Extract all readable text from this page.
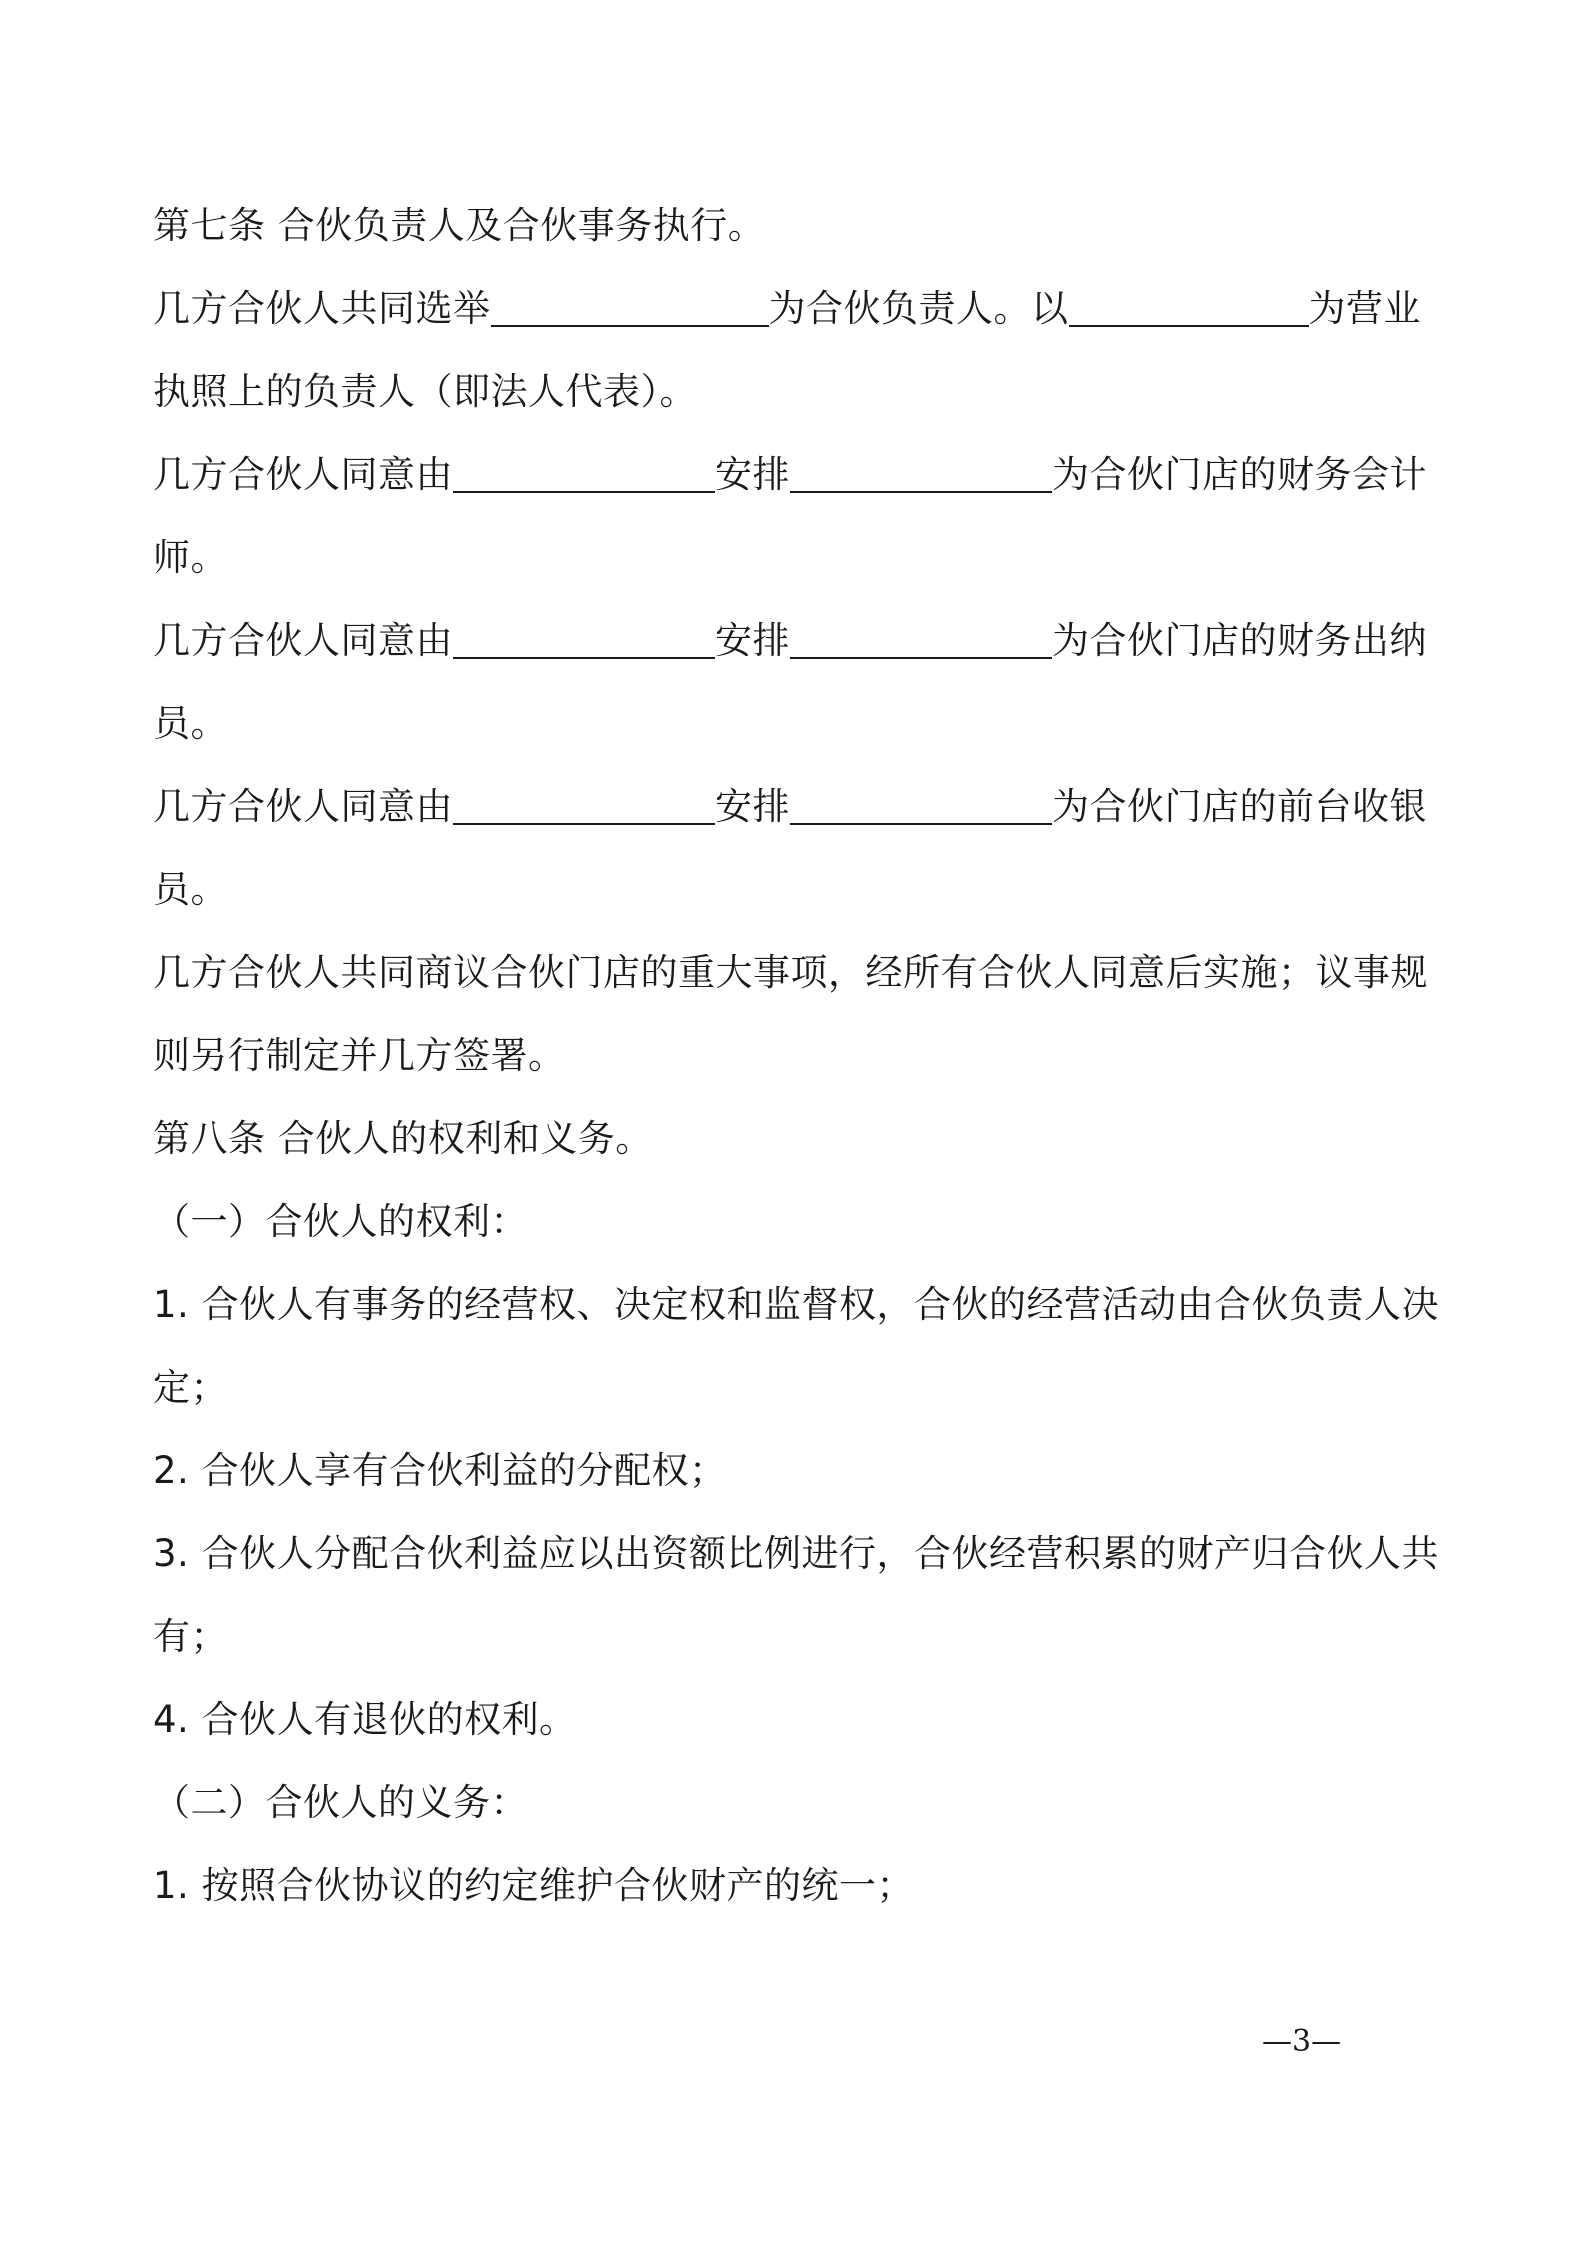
第七条 合伙负责人及合伙事务执行。
几方合伙人共同选举	为合伙负责人。以	为营业
执照上的负责人（即法人代表）。
几方合伙人同意由	安排	为合伙门店的财务会计
师。
几方合伙人同意由	安排	为合伙门店的财务出纳
员。
几方合伙人同意由	安排	为合伙门店的前台收银
员。
几方合伙人共同商议合伙门店的重大事项，经所有合伙人同意后实施；议事规
则另行制定并几方签署。
第八条 合伙人的权利和义务。
（一）合伙人的权利：
1. 合伙人有事务的经营权、决定权和监督权，合伙的经营活动由合伙负责人决
定；
2. 合伙人享有合伙利益的分配权；
3. 合伙人分配合伙利益应以出资额比例进行，合伙经营积累的财产归合伙人共
有；
4. 合伙人有退伙的权利。
（二）合伙人的义务：
1. 按照合伙协议的约定维护合伙财产的统一；
—3—
